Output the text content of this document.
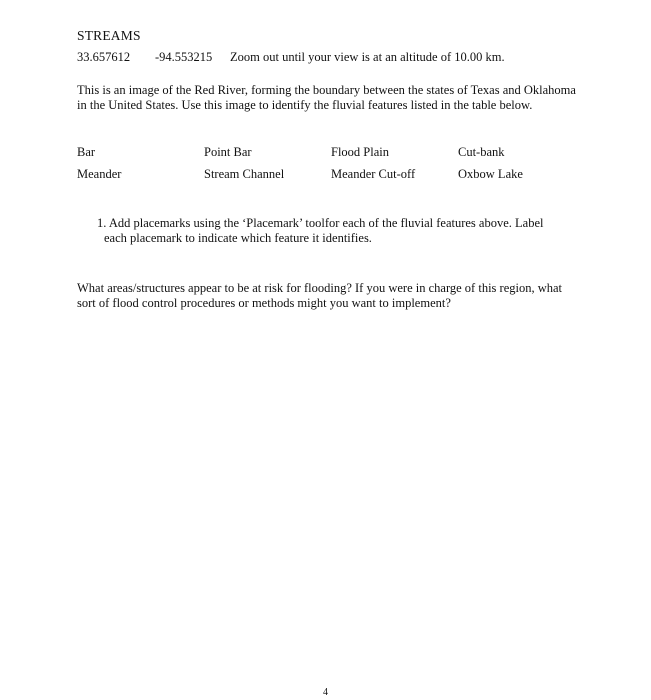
STREAMS
33.657612 -94.553215 Zoom out until your view is at an altitude of 10.00 km.
This is an image of the Red River, forming the boundary between the states of Texas and Oklahoma in the United States. Use this image to identify the fluvial features listed in the table below.
Bar	Point Bar	Flood Plain	Cut-bank
Meander	Stream Channel	Meander Cut-off	Oxbow Lake
1. Add placemarks using the ‘Placemark’ toolfor each of the fluvial features above. Label
each placemark to indicate which feature it identifies.
What areas/structures appear to be at risk for flooding? If you were in charge of this region, what sort of flood control procedures or methods might you want to implement?
4
